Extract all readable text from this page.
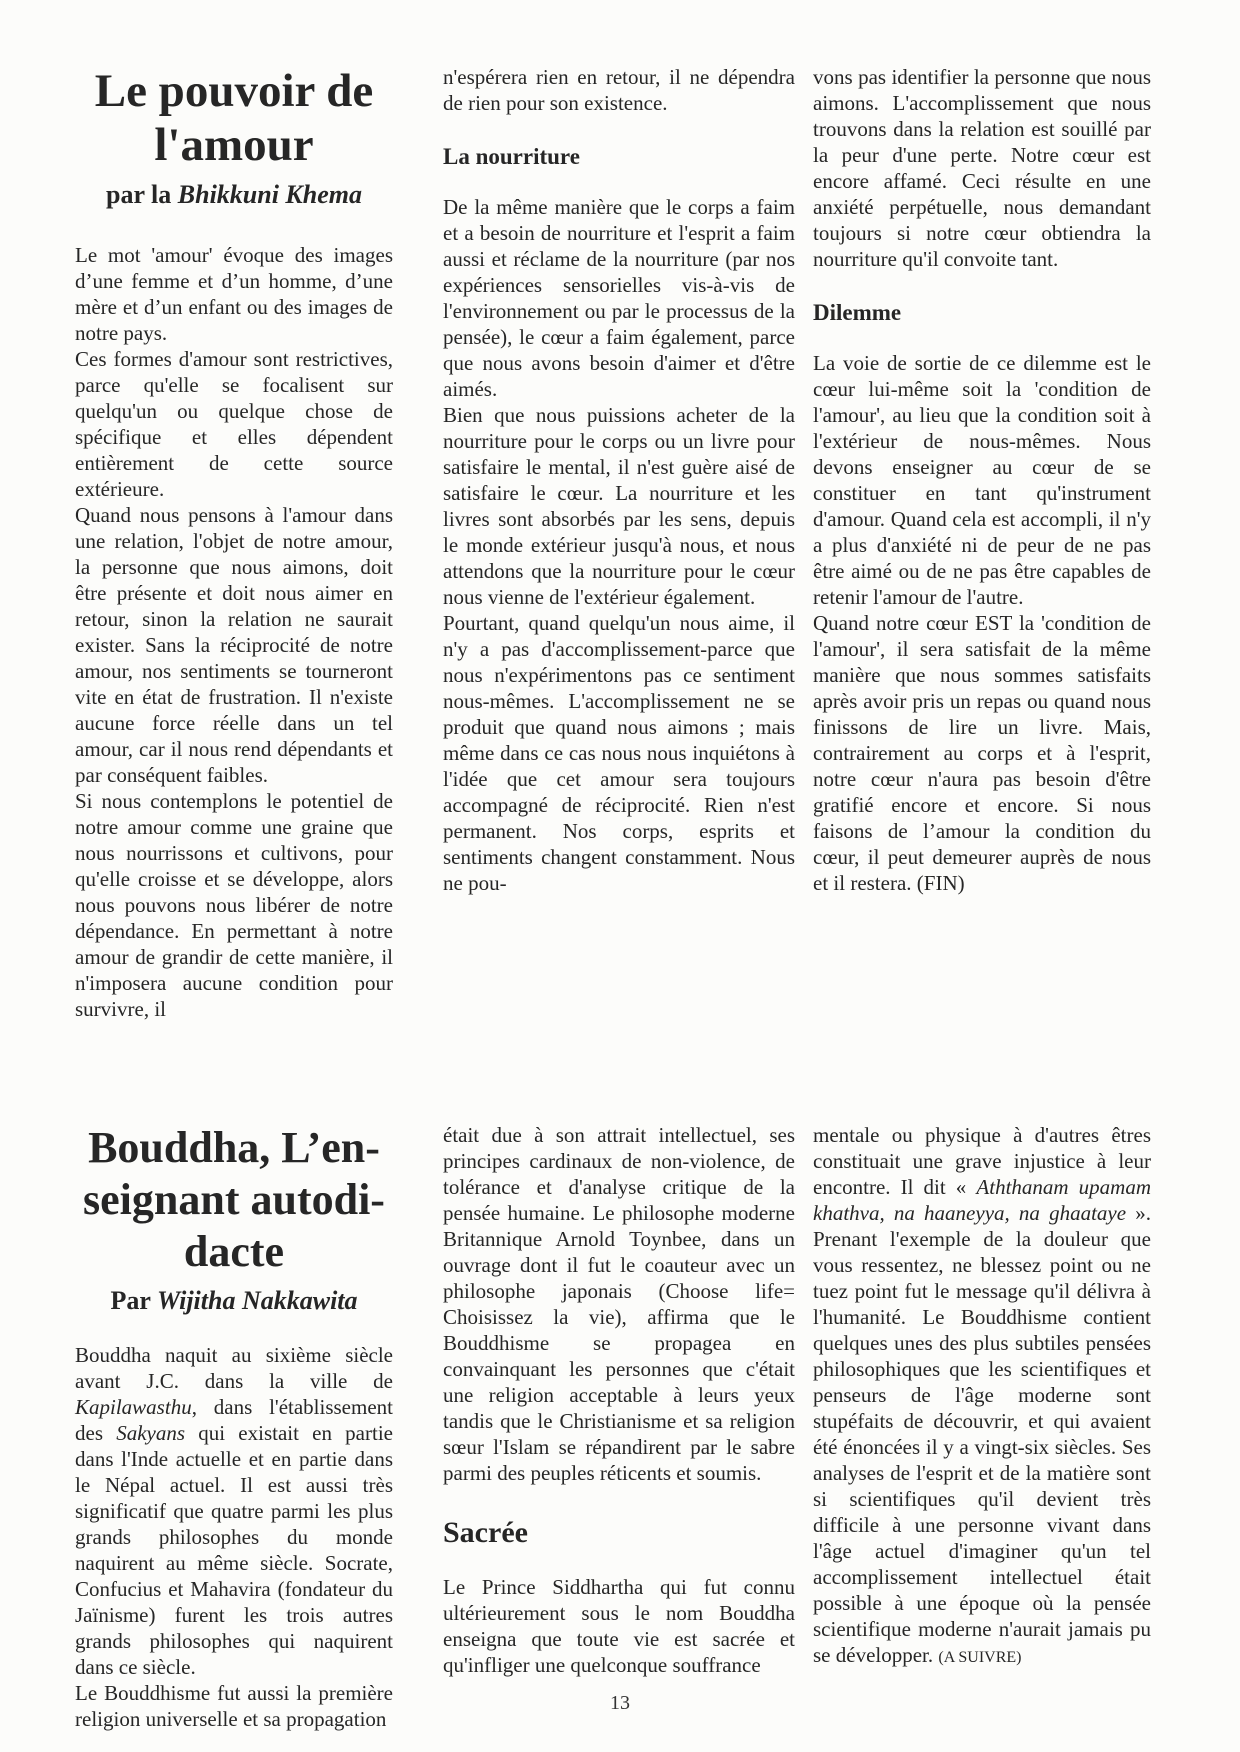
Le pouvoir de
l'amour
par la Bhikkuni Khema

Le mot 'amour' évoque des images d’une femme et d’un homme, d’une mère et d’un enfant ou des images de notre pays.

Ces formes d'amour sont restrictives, parce qu'elle se focalisent sur quelqu'un ou quelque chose de spécifique et elles dépendent entièrement de cette source extérieure.

Quand nous pensons à l'amour dans une relation, l'objet de notre amour, la personne que nous aimons, doit être présente et doit nous aimer en retour, sinon la relation ne saurait exister. Sans la réciprocité de notre amour, nos sentiments se tourneront vite en état de frustration. Il n'existe aucune force réelle dans un tel amour, car il nous rend dépendants et par conséquent faibles.

Si nous contemplons le potentiel de notre amour comme une graine que nous nourrissons et cultivons, pour qu'elle croisse et se développe, alors nous pouvons nous libérer de notre dépendance. En permettant à notre amour de grandir de cette manière, il n'imposera aucune condition pour survivre, il

n'espérera rien en retour, il ne dépendra de rien pour son existence.

La nourriture

De la même manière que le corps a faim et a besoin de nourriture et l'esprit a faim aussi et réclame de la nourriture (par nos expériences sensorielles vis-à-vis de l'environnement ou par le processus de la pensée), le cœur a faim également, parce que nous avons besoin d'aimer et d'être aimés.

Bien que nous puissions acheter de la nourriture pour le corps ou un livre pour satisfaire le mental, il n'est guère aisé de satisfaire le cœur. La nourriture et les livres sont absorbés par les sens, depuis le monde extérieur jusqu'à nous, et nous attendons que la nourriture pour le cœur nous vienne de l'extérieur également.

Pourtant, quand quelqu'un nous aime, il n'y a pas d'accomplissement-parce que nous n'expérimentons pas ce sentiment nous-mêmes. L'accomplissement ne se produit que quand nous aimons ; mais même dans ce cas nous nous inquiétons à l'idée que cet amour sera toujours accompagné de réciprocité. Rien n'est permanent. Nos corps, esprits et sentiments changent constamment. Nous ne pou-

vons pas identifier la personne que nous aimons. L'accomplissement que nous trouvons dans la relation est souillé par la peur d'une perte. Notre cœur est encore affamé. Ceci résulte en une anxiété perpétuelle, nous demandant toujours si notre cœur obtiendra la nourriture qu'il convoite tant.

Dilemme

La voie de sortie de ce dilemme est le cœur lui-même soit la 'condition de l'amour', au lieu que la condition soit à l'extérieur de nous-mêmes. Nous devons enseigner au cœur de se constituer en tant qu'instrument d'amour. Quand cela est accompli, il n'y a plus d'anxiété ni de peur de ne pas être aimé ou de ne pas être capables de retenir l'amour de l'autre.

Quand notre cœur EST la 'condition de l'amour', il sera satisfait de la même manière que nous sommes satisfaits après avoir pris un repas ou quand nous finissons de lire un livre. Mais, contrairement au corps et à l'esprit, notre cœur n'aura pas besoin d'être gratifié encore et encore. Si nous faisons de l’amour la condition du cœur, il peut demeurer auprès de nous et il restera. (FIN)

Bouddha, L’en-
seignant autodi-
dacte
Par Wijitha Nakkawita

Bouddha naquit au sixième siècle avant J.C. dans la ville de Kapilawasthu, dans l'établissement des Sakyans qui existait en partie dans l'Inde actuelle et en partie dans le Népal actuel. Il est aussi très significatif que quatre parmi les plus grands philosophes du monde naquirent au même siècle. Socrate, Confucius et Mahavira (fondateur du Jaïnisme) furent les trois autres grands philosophes qui naquirent dans ce siècle.

Le Bouddhisme fut aussi la première religion universelle et sa propagation

était due à son attrait intellectuel, ses principes cardinaux de non-violence, de tolérance et d'analyse critique de la pensée humaine. Le philosophe moderne Britannique Arnold Toynbee, dans un ouvrage dont il fut le coauteur avec un philosophe japonais (Choose life= Choisissez la vie), affirma que le Bouddhisme se propagea en convainquant les personnes que c'était une religion acceptable à leurs yeux tandis que le Christianisme et sa religion sœur l'Islam se répandirent par le sabre parmi des peuples réticents et soumis.

Sacrée

Le Prince Siddhartha qui fut connu ultérieurement sous le nom Bouddha enseigna que toute vie est sacrée et qu'infliger une quelconque souffrance

mentale ou physique à d'autres êtres constituait une grave injustice à leur encontre. Il dit « Aththanam upamam khathva, na haaneyya, na ghaataye ». Prenant l'exemple de la douleur que vous ressentez, ne blessez point ou ne tuez point fut le message qu'il délivra à l'humanité. Le Bouddhisme contient quelques unes des plus subtiles pensées philosophiques que les scientifiques et penseurs de l'âge moderne sont stupéfaits de découvrir, et qui avaient été énoncées il y a vingt-six siècles. Ses analyses de l'esprit et de la matière sont si scientifiques qu'il devient très difficile à une personne vivant dans l'âge actuel d'imaginer qu'un tel accomplissement intellectuel était possible à une époque où la pensée scientifique moderne n'aurait jamais pu se développer. (A SUIVRE)

13
